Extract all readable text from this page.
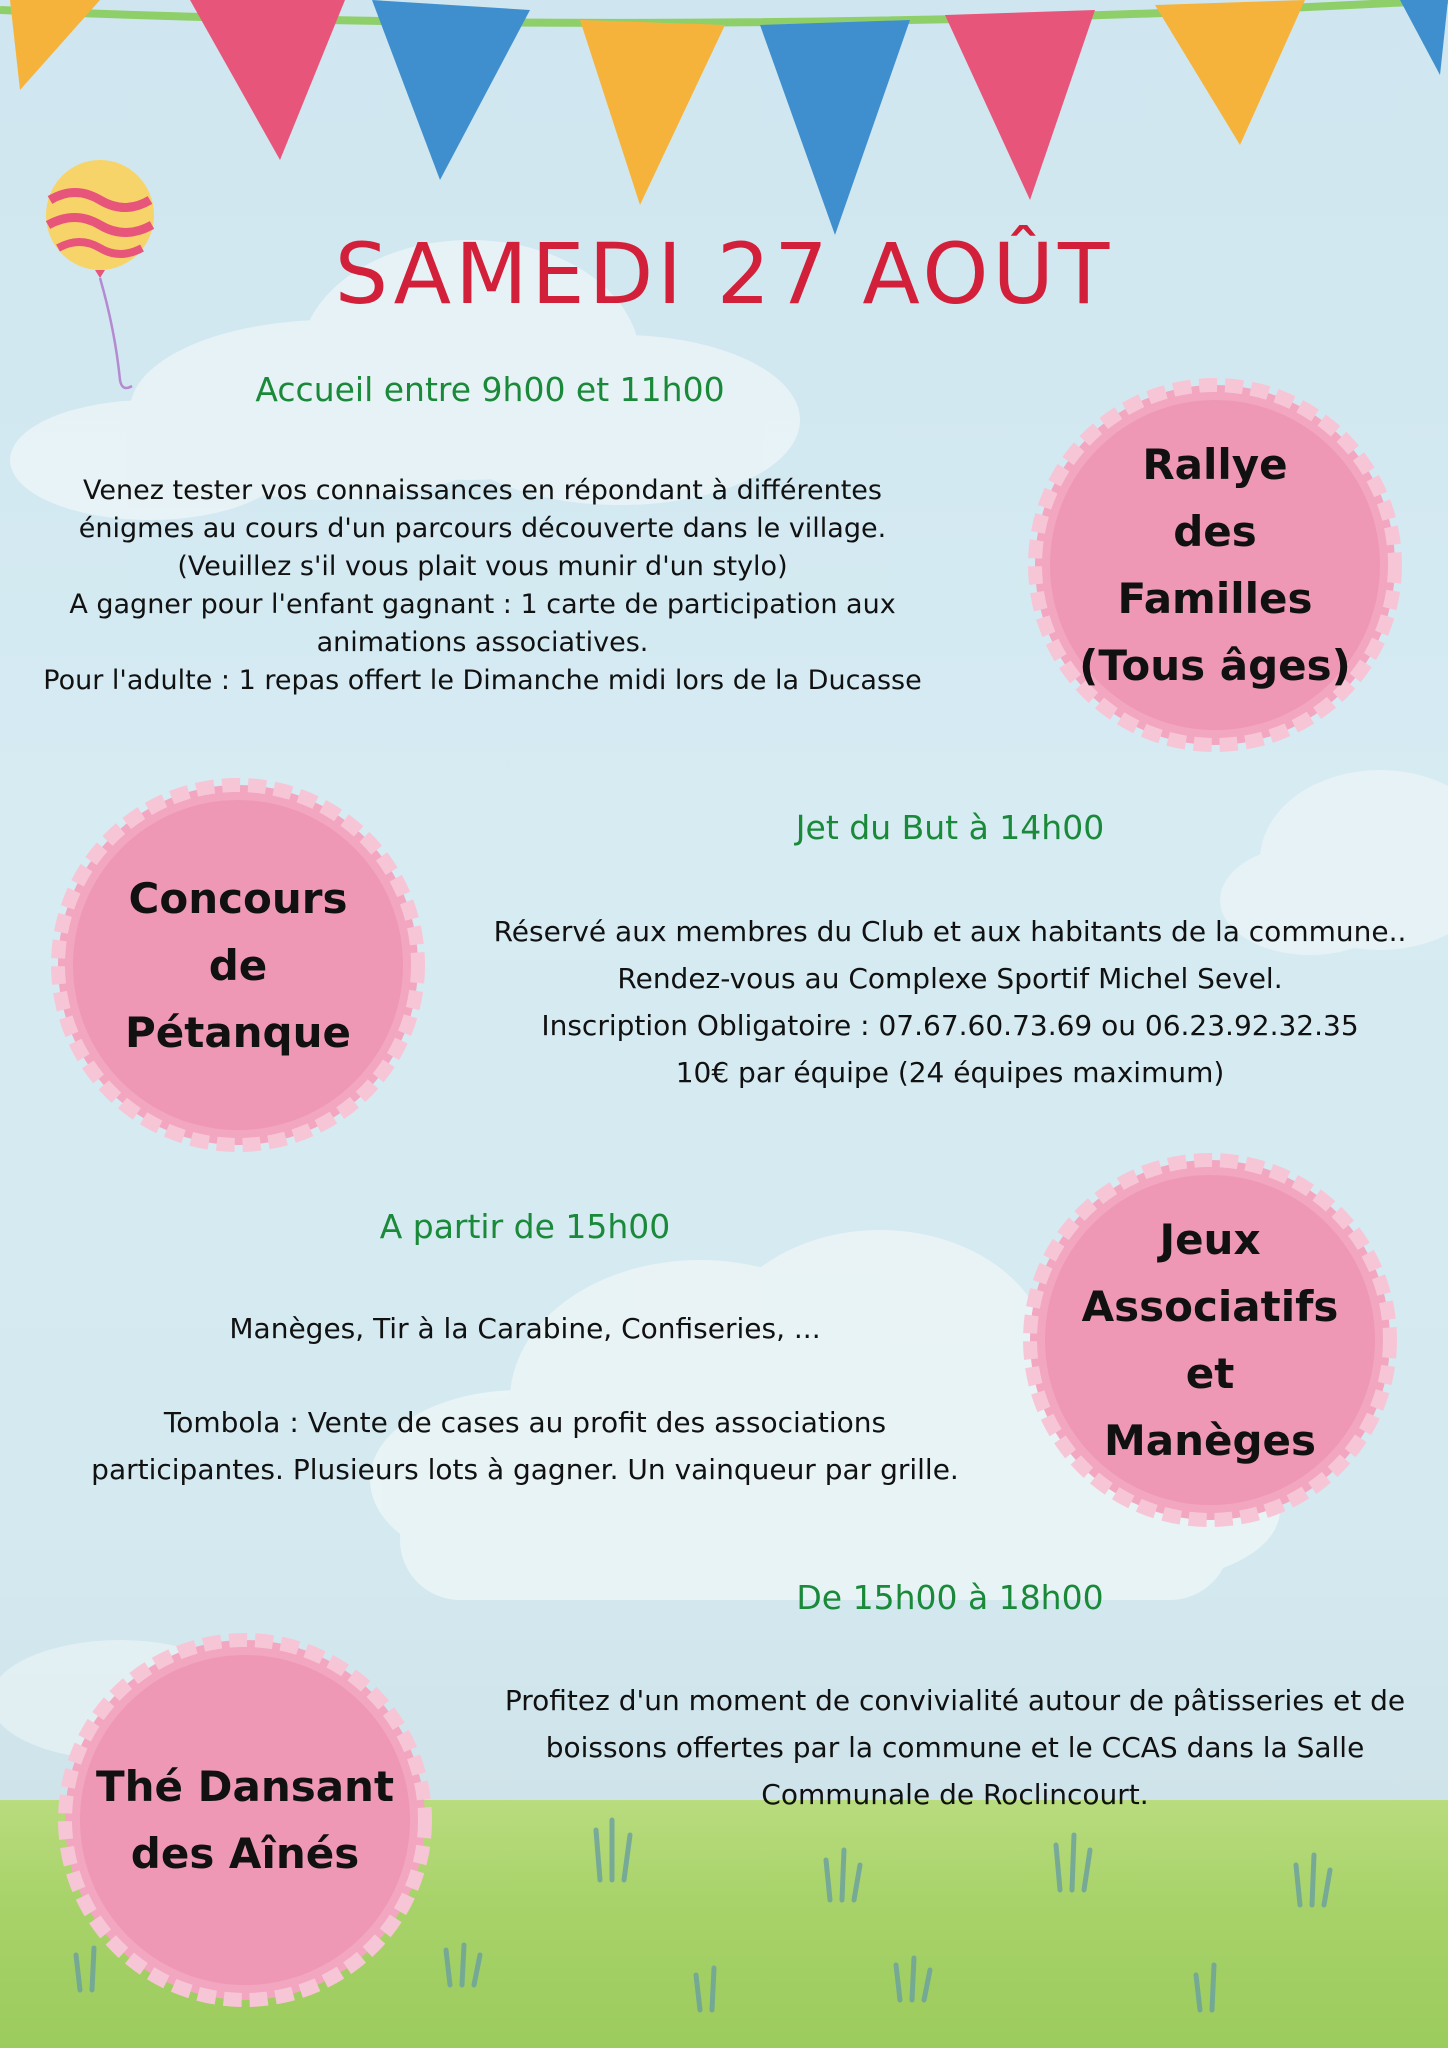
SAMEDI 27 AOÛT
Accueil entre 9h00 et 11h00

Venez tester vos connaissances en répondant à différentes

énigmes au cours d'un parcours découverte dans le village.

(Veuillez s'il vous plait vous munir d'un stylo)

A gagner pour l'enfant gagnant : 1 carte de participation aux

animations associatives.

Pour l'adulte : 1 repas offert le Dimanche midi lors de la Ducasse

Rallye
des
Familles
(Tous âges)
Jet du But à 14h00

Réservé aux membres du Club et aux habitants de la commune..

Rendez-vous au Complexe Sportif Michel Sevel.

Inscription Obligatoire : 07.67.60.73.69 ou 06.23.92.32.35

10€ par équipe (24 équipes maximum)

Concours
de
Pétanque
A partir de 15h00

Manèges, Tir à la Carabine, Confiseries, ...

Tombola : Vente de cases au profit des associations

participantes. Plusieurs lots à gagner. Un vainqueur par grille.

Jeux
Associatifs
et
Manèges
De 15h00 à 18h00

Profitez d'un moment de convivialité autour de pâtisseries et de

boissons offertes par la commune et le CCAS dans la Salle

Communale de Roclincourt.

Thé Dansant
des Aînés
